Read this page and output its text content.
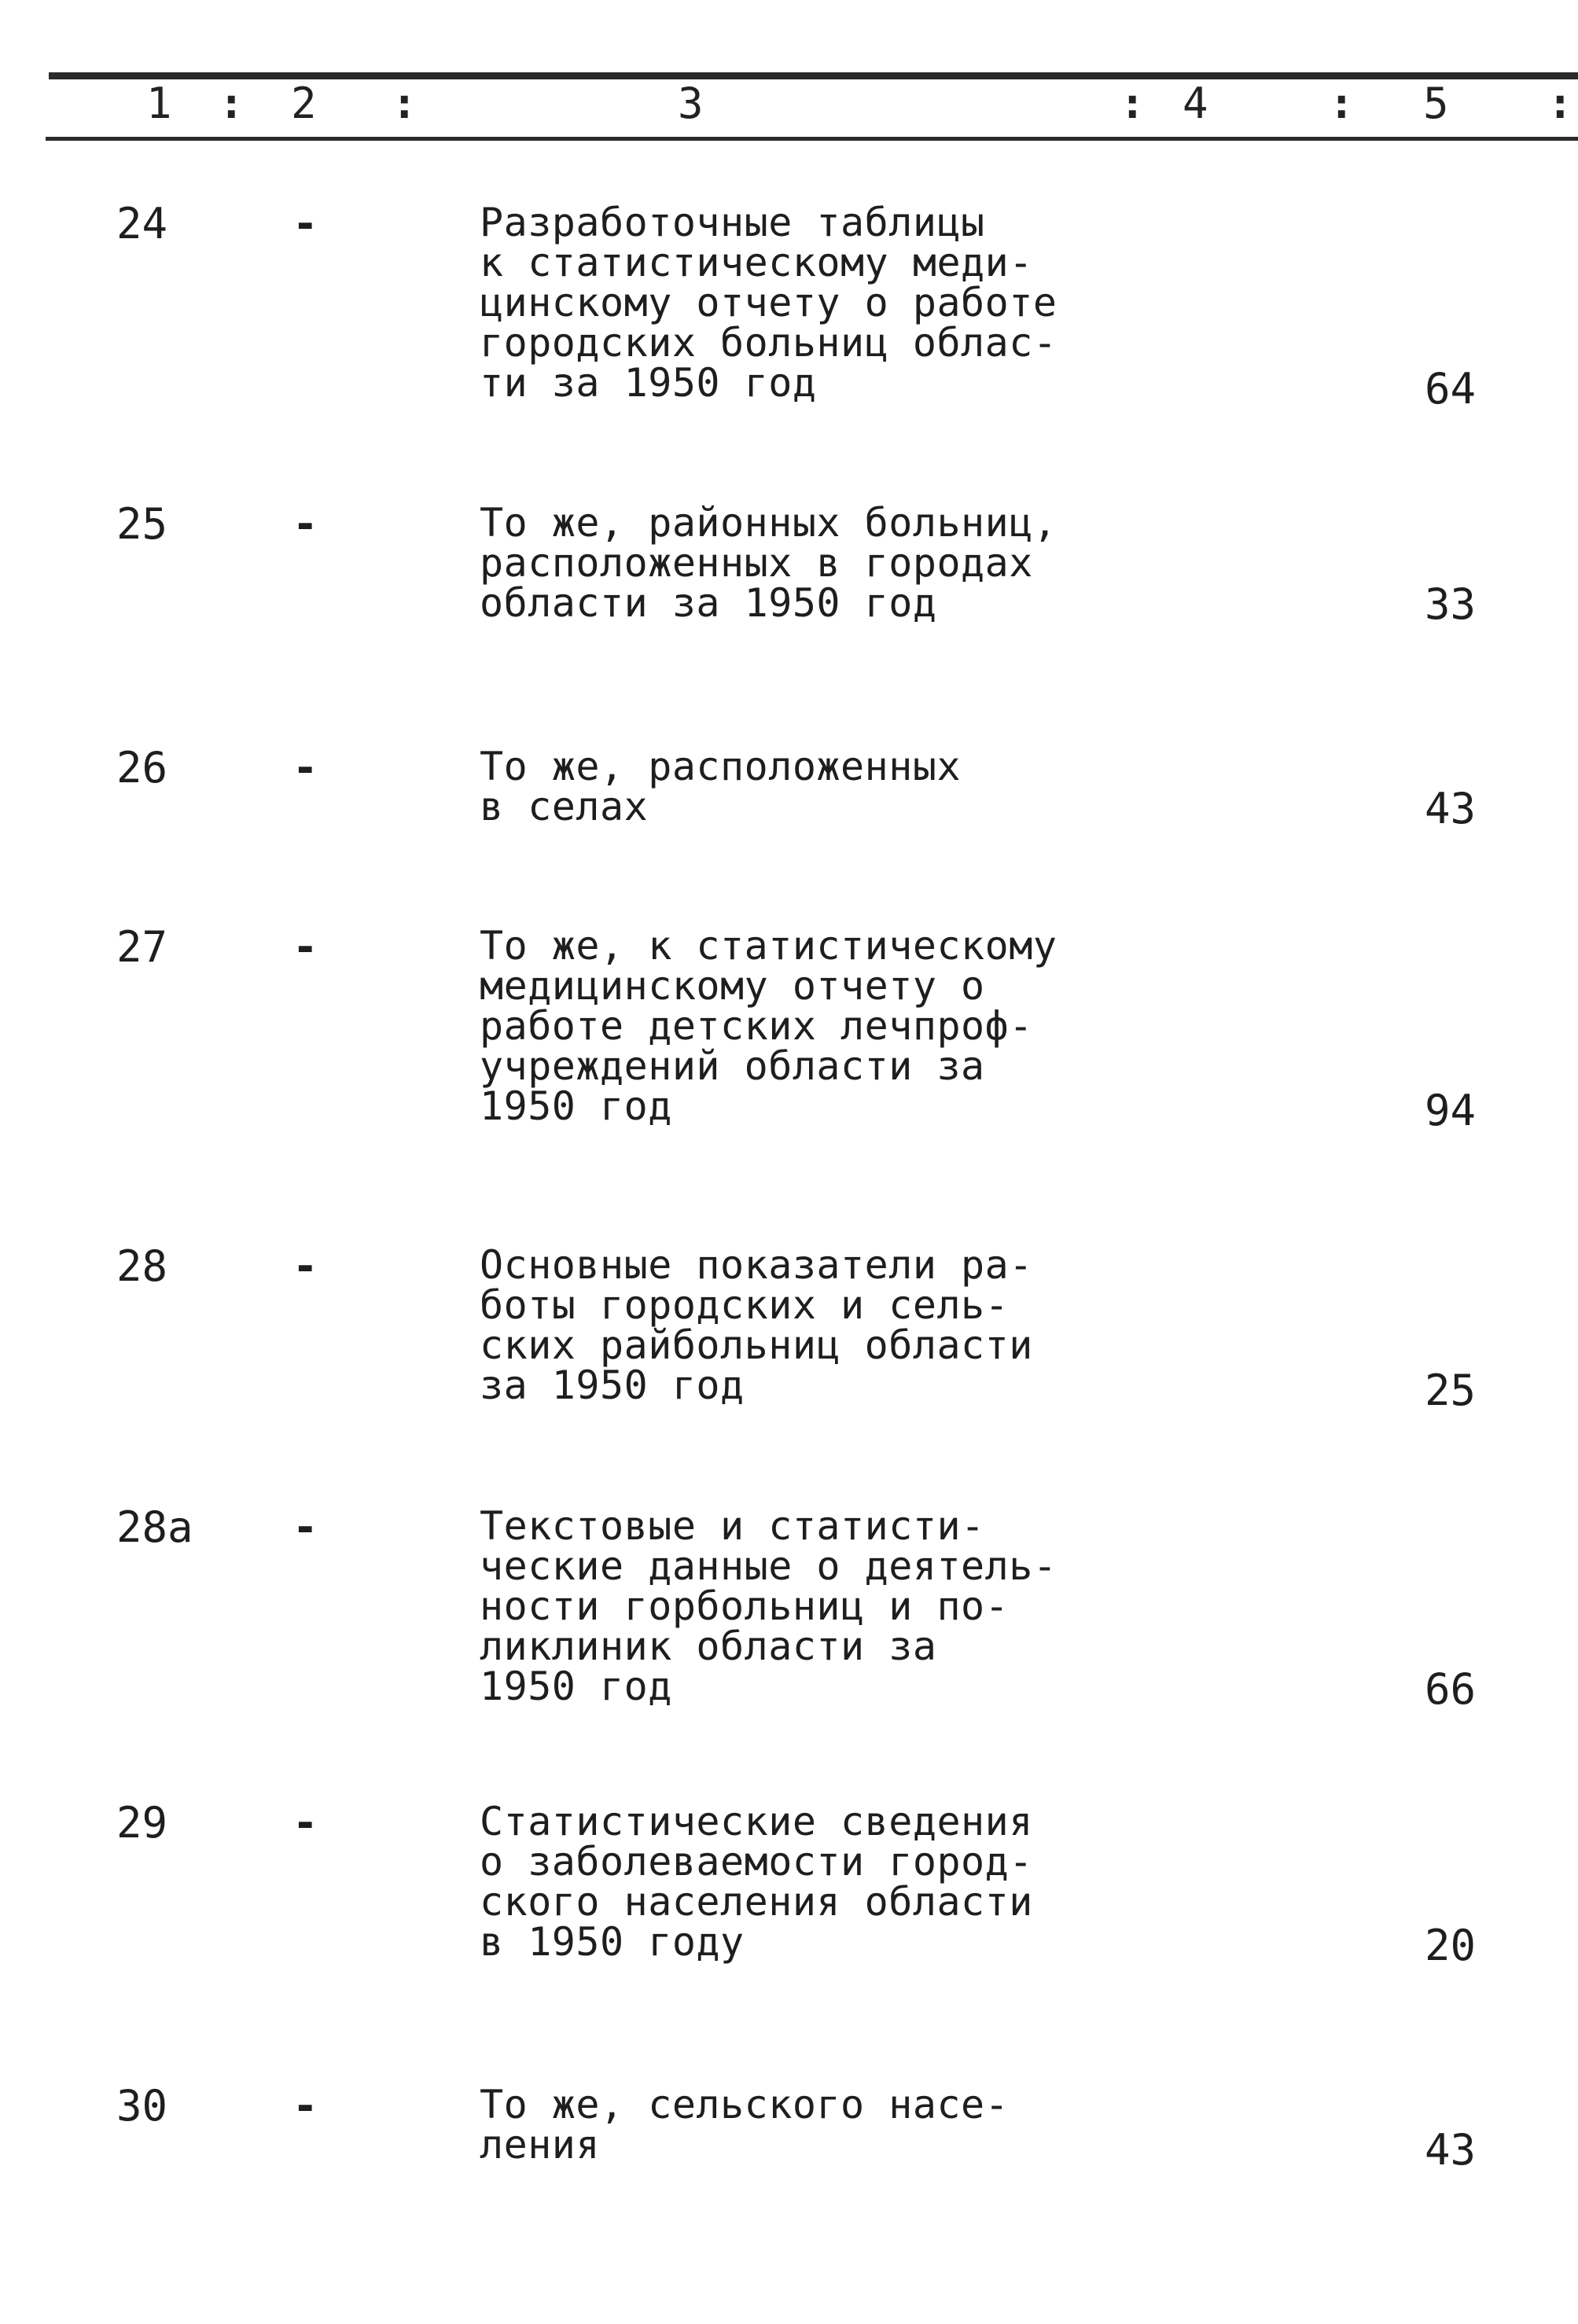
1 : 2 :	3	: 4	: 5 :
24	-	Разработочные таблицы
к статистическому меди-
цинскому отчету о работе
городских больниц облас-
ти за 1950 год	64
25	-	То же, районных больниц,
расположенных в городах
области за 1950 год	33
26	-	То же, расположенных
в селах	43
27	-	То же, к статистическому
медицинскому отчету о
работе детских лечпроф-
учреждений области за
1950 год	94
28	-	Основные показатели ра-
боты городских и сель-
ских райбольниц области
за 1950 год	25
28а -	Текстовые и статисти-
ческие данные о деятель-
ности горбольниц и по-
ликлиник области за
1950 год	66
29	-	Статистические сведения
о заболеваемости город-
ского населения области
в 1950 году	20
30	-	То же, сельского насе-
ления	43
